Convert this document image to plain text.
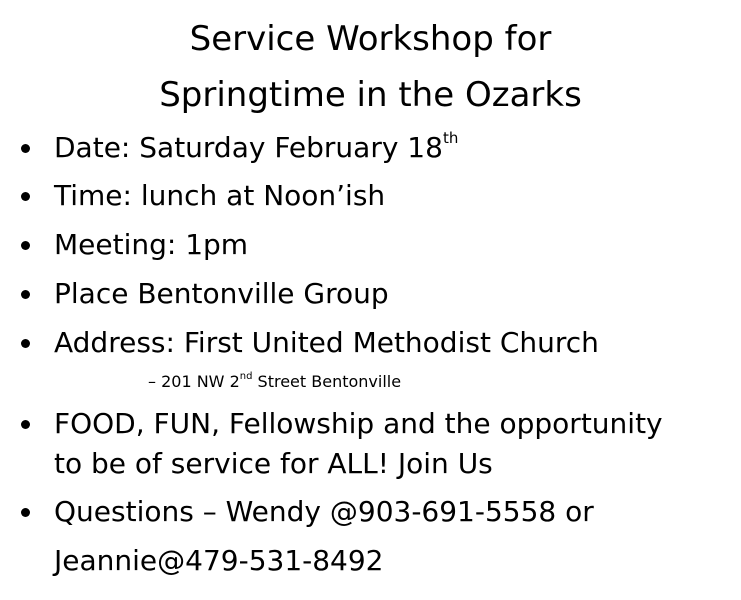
Service Workshop for
Springtime in the Ozarks
Date: Saturday February 18th
Time: lunch at Noon’ish
Meeting: 1pm
Place Bentonville Group
Address: First United Methodist Church
– 201 NW 2nd Street Bentonville
FOOD, FUN, Fellowship and the opportunity
to be of service for ALL! Join Us
Questions – Wendy @903-691-5558 or
Jeannie@479-531-8492
